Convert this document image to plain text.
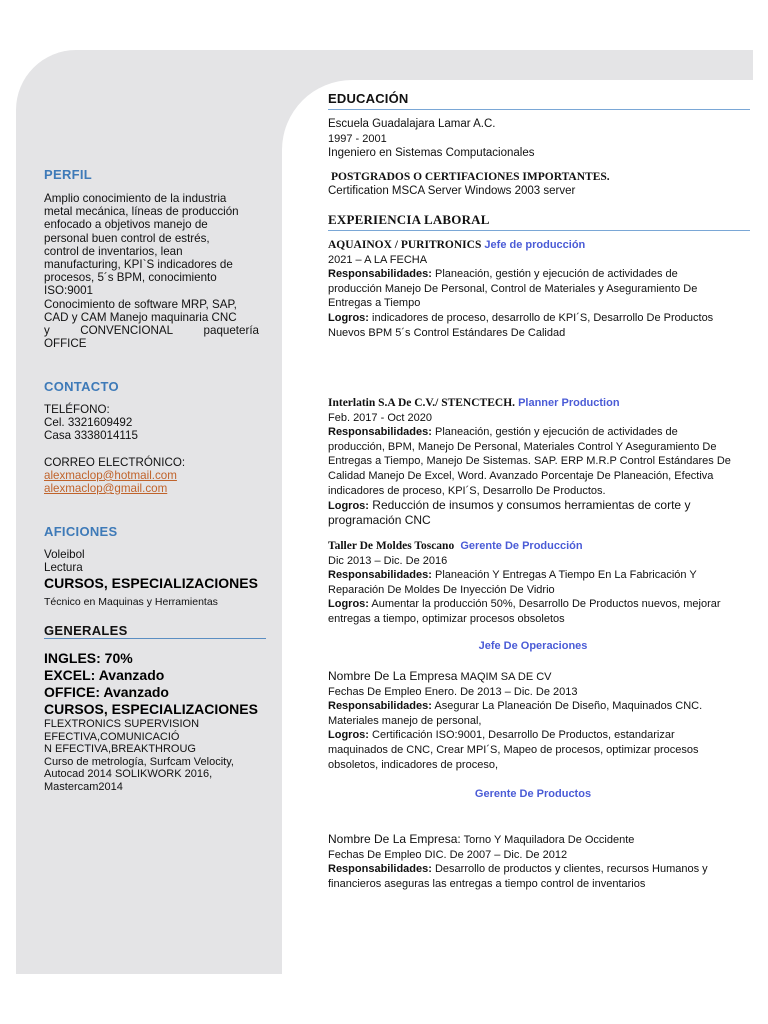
PERFIL
Amplio conocimiento de la industria
metal mecánica, líneas de producción
enfocado a objetivos manejo de
personal buen control de estrés,
control de inventarios, lean
manufacturing, KPI`S indicadores de
procesos, 5´s BPM, conocimiento
ISO:9001
Conocimiento de software MRP, SAP,
CAD y CAM Manejo maquinaria CNC
y	CONVENCIONAL	paquetería
OFFICE
CONTACTO
TELÉFONO:
Cel. 3321609492
Casa 3338014115
CORREO ELECTRÓNICO:
alexmaclop@hotmail.com
alexmaclop@gmail.com
AFICIONES
Voleibol
Lectura
CURSOS, ESPECIALIZACIONES
Técnico en Maquinas y Herramientas
GENERALES
INGLES: 70%
EXCEL: Avanzado
OFFICE: Avanzado
CURSOS, ESPECIALIZACIONES
FLEXTRONICS SUPERVISION
EFECTIVA,COMUNICACIÓ
N EFECTIVA,BREAKTHROUG
Curso de metrología, Surfcam Velocity,
Autocad 2014 SOLIKWORK 2016,
Mastercam2014
EDUCACIÓN
Escuela Guadalajara Lamar A.C.
1997 - 2001
Ingeniero en Sistemas Computacionales
POSTGRADOS O CERTIFACIONES IMPORTANTES.
Certification MSCA Server Windows 2003 server
EXPERIENCIA LABORAL
AQUAINOX / PURITRONICS Jefe de producción
2021 – A LA FECHA
Responsabilidades: Planeación, gestión y ejecución de actividades de
producción Manejo De Personal, Control de Materiales y Aseguramiento De
Entregas a Tiempo
Logros: indicadores de proceso, desarrollo de KPI´S, Desarrollo De Productos
Nuevos BPM 5´s Control Estándares De Calidad
Interlatin S.A De C.V./ STENCTECH. Planner Production
Feb. 2017 - Oct 2020
Responsabilidades: Planeación, gestión y ejecución de actividades de
producción, BPM, Manejo De Personal, Materiales Control Y Aseguramiento De
Entregas a Tiempo, Manejo De Sistemas. SAP. ERP M.R.P Control Estándares De
Calidad Manejo De Excel, Word. Avanzado Porcentaje De Planeación, Efectiva
indicadores de proceso, KPI´S, Desarrollo De Productos.
Logros: Reducción de insumos y consumos herramientas de corte y
programación CNC
Taller De Moldes Toscano Gerente De Producción
Dic 2013 – Dic. De 2016
Responsabilidades: Planeación Y Entregas A Tiempo En La Fabricación Y
Reparación De Moldes De Inyección De Vidrio
Logros: Aumentar la producción 50%, Desarrollo De Productos nuevos, mejorar
entregas a tiempo, optimizar procesos obsoletos
Jefe De Operaciones
Nombre De La Empresa MAQIM SA DE CV
Fechas De Empleo Enero. De 2013 – Dic. De 2013
Responsabilidades: Asegurar La Planeación De Diseño, Maquinados CNC.
Materiales manejo de personal,
Logros: Certificación ISO:9001, Desarrollo De Productos, estandarizar
maquinados de CNC, Crear MPI´S, Mapeo de procesos, optimizar procesos
obsoletos, indicadores de proceso,
Gerente De Productos
Nombre De La Empresa: Torno Y Maquiladora De Occidente
Fechas De Empleo DIC. De 2007 – Dic. De 2012
Responsabilidades: Desarrollo de productos y clientes, recursos Humanos y
financieros aseguras las entregas a tiempo control de inventarios
